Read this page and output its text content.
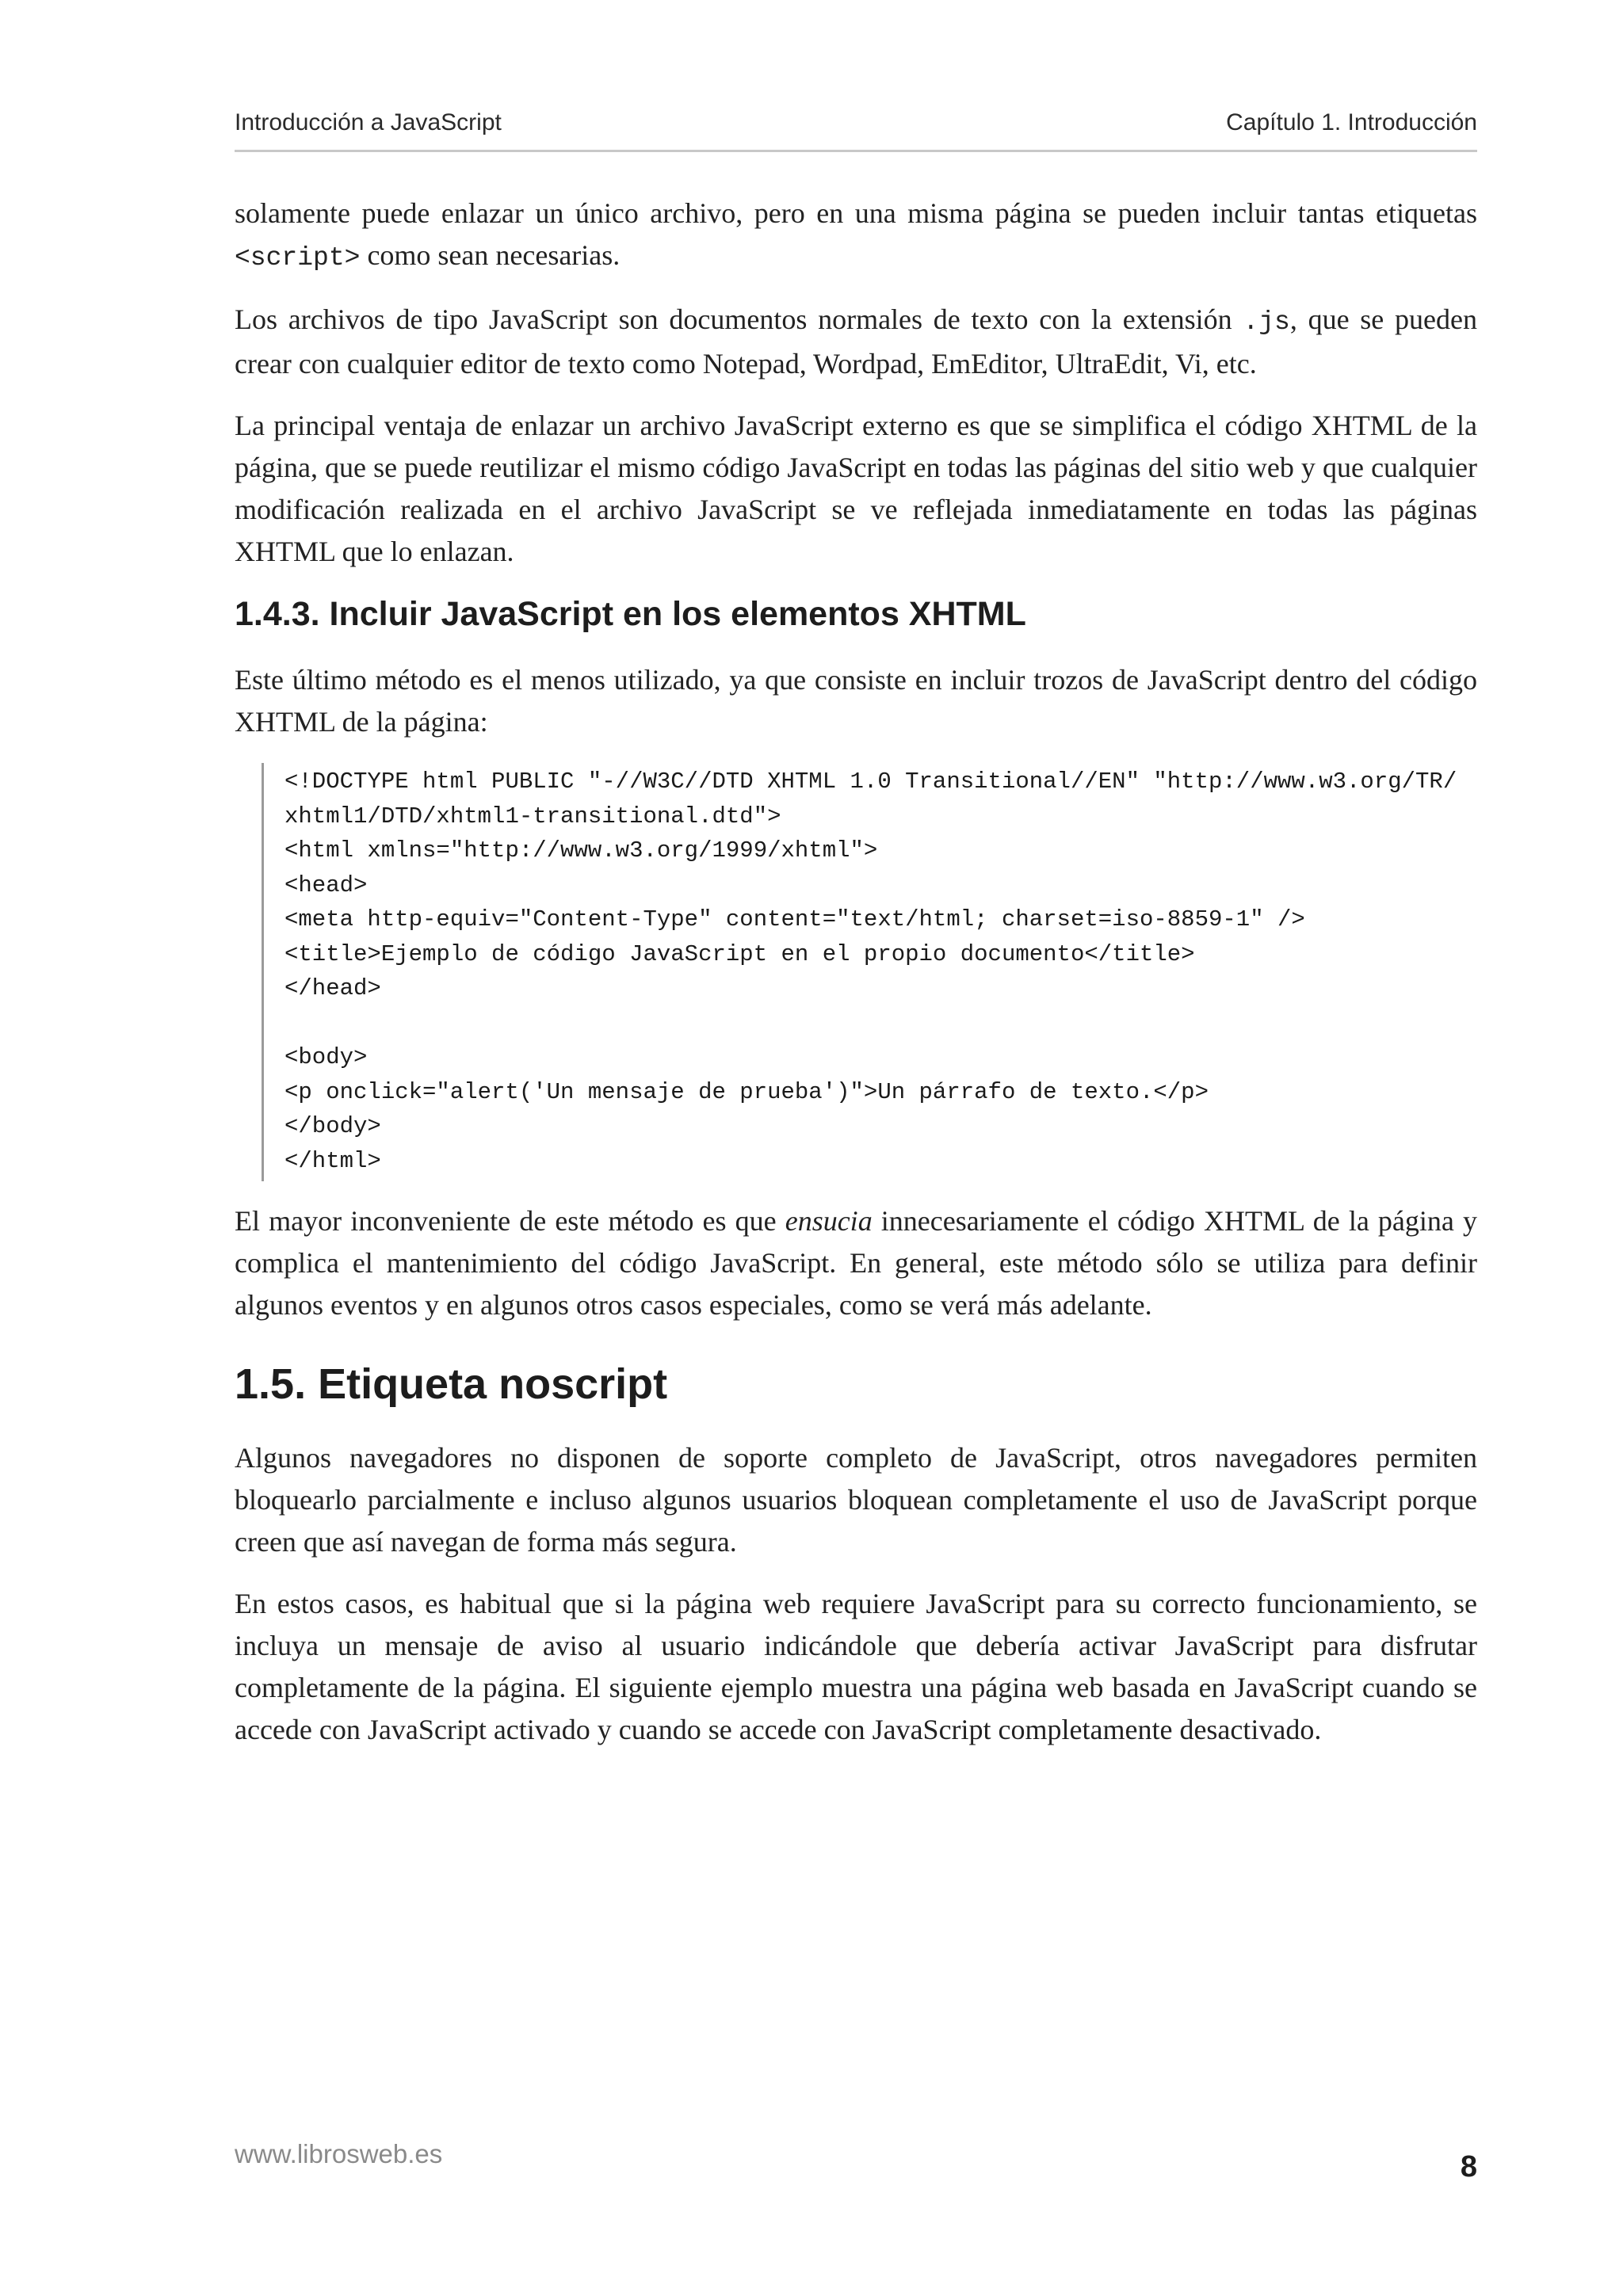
Introducción a JavaScript	Capítulo 1. Introducción

solamente puede enlazar un único archivo, pero en una misma página se pueden incluir tantas etiquetas <script> como sean necesarias.

Los archivos de tipo JavaScript son documentos normales de texto con la extensión .js, que se pueden crear con cualquier editor de texto como Notepad, Wordpad, EmEditor, UltraEdit, Vi, etc.

La principal ventaja de enlazar un archivo JavaScript externo es que se simplifica el código XHTML de la página, que se puede reutilizar el mismo código JavaScript en todas las páginas del sitio web y que cualquier modificación realizada en el archivo JavaScript se ve reflejada inmediatamente en todas las páginas XHTML que lo enlazan.

1.4.3. Incluir JavaScript en los elementos XHTML

Este último método es el menos utilizado, ya que consiste en incluir trozos de JavaScript dentro del código XHTML de la página:

<!DOCTYPE html PUBLIC "-//W3C//DTD XHTML 1.0 Transitional//EN" "http://www.w3.org/TR/
xhtml1/DTD/xhtml1-transitional.dtd">
<html xmlns="http://www.w3.org/1999/xhtml">
<head>
<meta http-equiv="Content-Type" content="text/html; charset=iso-8859-1" />
<title>Ejemplo de código JavaScript en el propio documento</title>
</head>
<body>
<p onclick="alert('Un mensaje de prueba')">Un párrafo de texto.</p>
</body>
</html>

El mayor inconveniente de este método es que ensucia innecesariamente el código XHTML de la página y complica el mantenimiento del código JavaScript. En general, este método sólo se utiliza para definir algunos eventos y en algunos otros casos especiales, como se verá más adelante.

1.5. Etiqueta noscript

Algunos navegadores no disponen de soporte completo de JavaScript, otros navegadores permiten bloquearlo parcialmente e incluso algunos usuarios bloquean completamente el uso de JavaScript porque creen que así navegan de forma más segura.

En estos casos, es habitual que si la página web requiere JavaScript para su correcto funcionamiento, se incluya un mensaje de aviso al usuario indicándole que debería activar JavaScript para disfrutar completamente de la página. El siguiente ejemplo muestra una página web basada en JavaScript cuando se accede con JavaScript activado y cuando se accede con JavaScript completamente desactivado.

www.librosweb.es	8
